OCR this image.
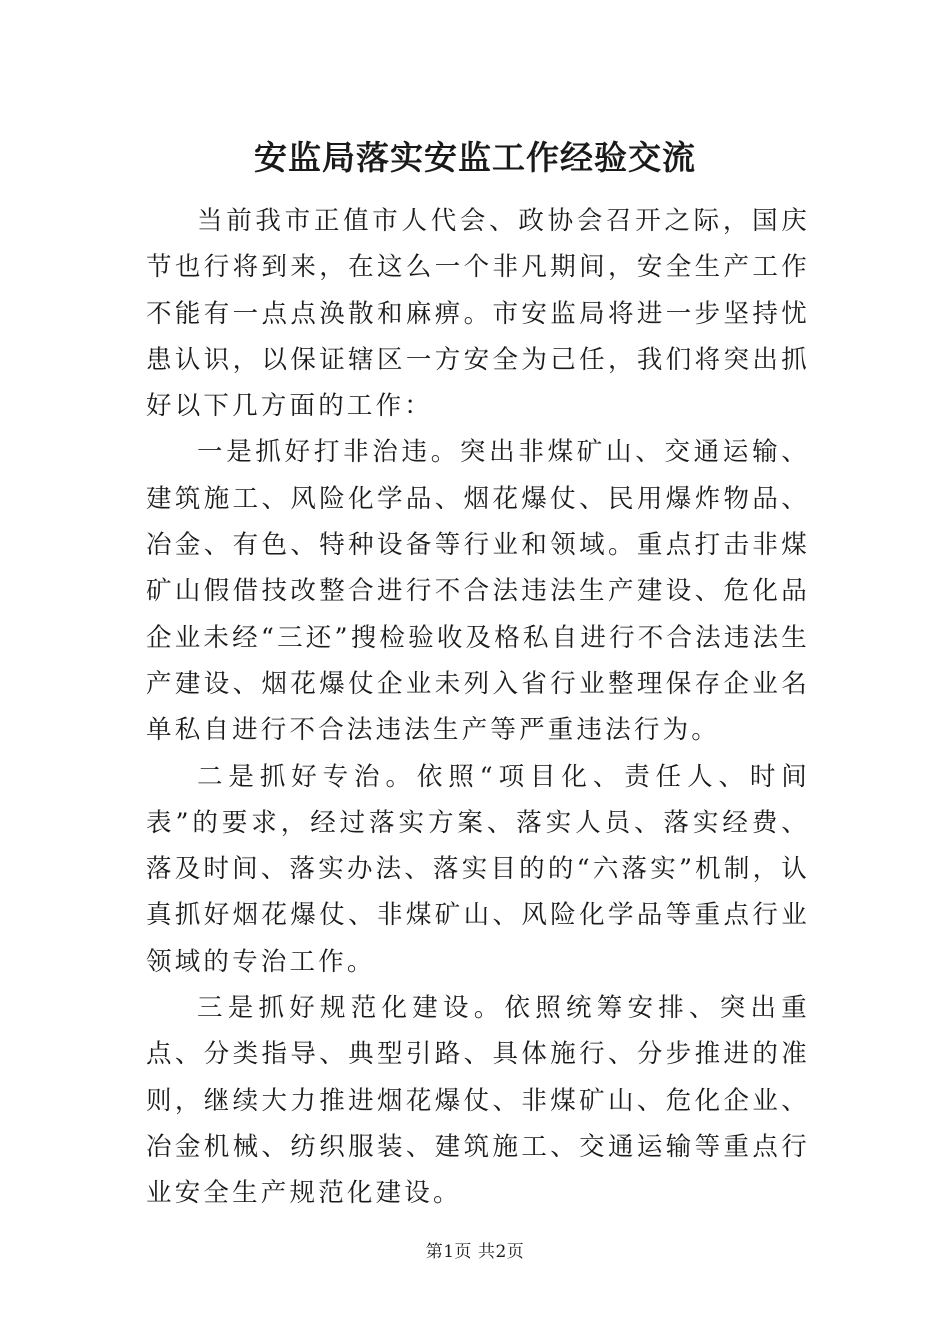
安监局落实安监工作经验交流

当前我市正值市人代会、政协会召开之际，国庆节也行将到来，在这么一个非凡期间，安全生产工作不能有一点点涣散和麻痹。市安监局将进一步坚持忧患认识，以保证辖区一方安全为己任，我们将突出抓好以下几方面的工作：

一是抓好打非治违。突出非煤矿山、交通运输、建筑施工、风险化学品、烟花爆仗、民用爆炸物品、冶金、有色、特种设备等行业和领域。重点打击非煤矿山假借技改整合进行不合法违法生产建设、危化品企业未经“三还”搜检验收及格私自进行不合法违法生产建设、烟花爆仗企业未列入省行业整理保存企业名单私自进行不合法违法生产等严重违法行为。

二是抓好专治。依照“项目化、责任人、时间表”的要求，经过落实方案、落实人员、落实经费、落及时间、落实办法、落实目的的“六落实”机制，认真抓好烟花爆仗、非煤矿山、风险化学品等重点行业领域的专治工作。

三是抓好规范化建设。依照统筹安排、突出重点、分类指导、典型引路、具体施行、分步推进的准则，继续大力推进烟花爆仗、非煤矿山、危化企业、冶金机械、纺织服装、建筑施工、交通运输等重点行业安全生产规范化建设。

第1页 共2页
